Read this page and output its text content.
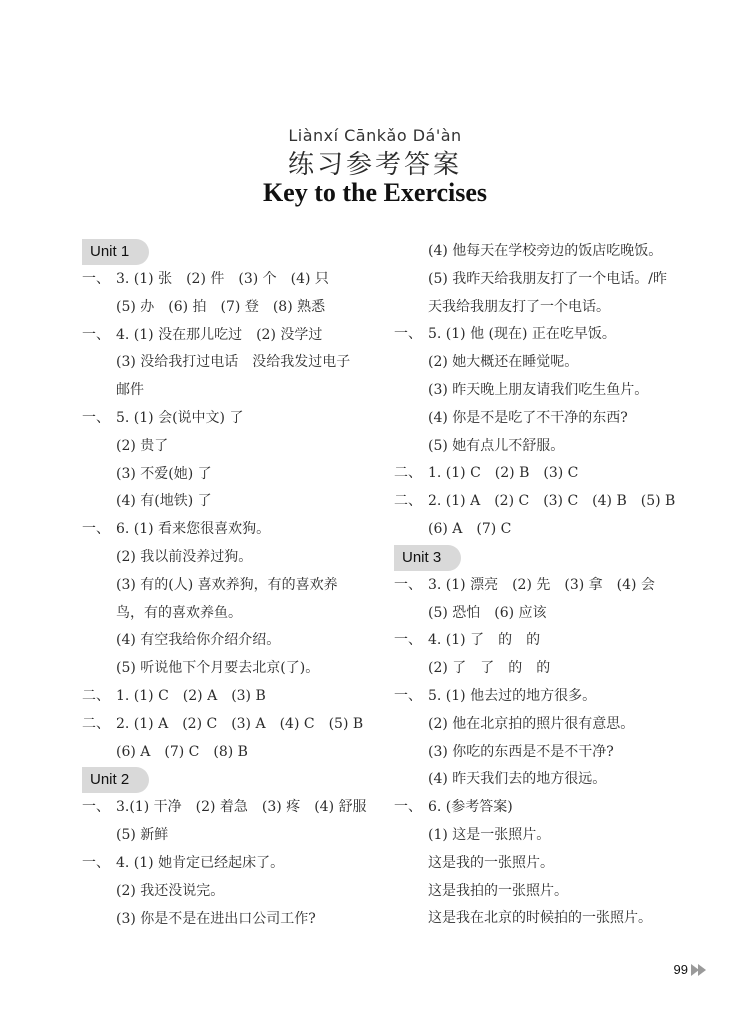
Liànxí Cānkǎo Dá'àn
练习参考答案
Key to the Exercises
Unit 1
一、 3. (1) 张　(2) 件　(3) 个　(4) 只
(5) 办　(6) 拍　(7) 登　(8) 熟悉
一、 4. (1) 没在那儿吃过　(2) 没学过
(3) 没给我打过电话　没给我发过电子
邮件
一、 5. (1) 会(说中文) 了
(2) 贵了
(3) 不爱(她) 了
(4) 有(地铁) 了
一、 6. (1) 看来您很喜欢狗。
(2) 我以前没养过狗。
(3) 有的(人) 喜欢养狗，有的喜欢养
鸟，有的喜欢养鱼。
(4) 有空我给你介绍介绍。
(5) 听说他下个月要去北京(了)。
二、 1. (1) C　(2) A　(3) B
二、 2. (1) A　(2) C　(3) A　(4) C　(5) B
(6) A　(7) C　(8) B
Unit 2
一、 3.(1) 干净　(2) 着急　(3) 疼　(4) 舒服
(5) 新鲜
一、 4. (1) 她肯定已经起床了。
(2) 我还没说完。
(3) 你是不是在进出口公司工作?
(4) 他每天在学校旁边的饭店吃晚饭。
(5) 我昨天给我朋友打了一个电话。/昨
天我给我朋友打了一个电话。
一、 5. (1) 他 (现在) 正在吃早饭。
(2) 她大概还在睡觉呢。
(3) 昨天晚上朋友请我们吃生鱼片。
(4) 你是不是吃了不干净的东西?
(5) 她有点儿不舒服。
二、 1. (1) C　(2) B　(3) C
二、 2. (1) A　(2) C　(3) C　(4) B　(5) B
(6) A　(7) C
Unit 3
一、 3. (1) 漂亮　(2) 先　(3) 拿　(4) 会
(5) 恐怕　(6) 应该
一、 4. (1) 了　的　的
(2) 了　了　的　的
一、 5. (1) 他去过的地方很多。
(2) 他在北京拍的照片很有意思。
(3) 你吃的东西是不是不干净?
(4) 昨天我们去的地方很远。
一、 6. (参考答案)
(1) 这是一张照片。
这是我的一张照片。
这是我拍的一张照片。
这是我在北京的时候拍的一张照片。
99
